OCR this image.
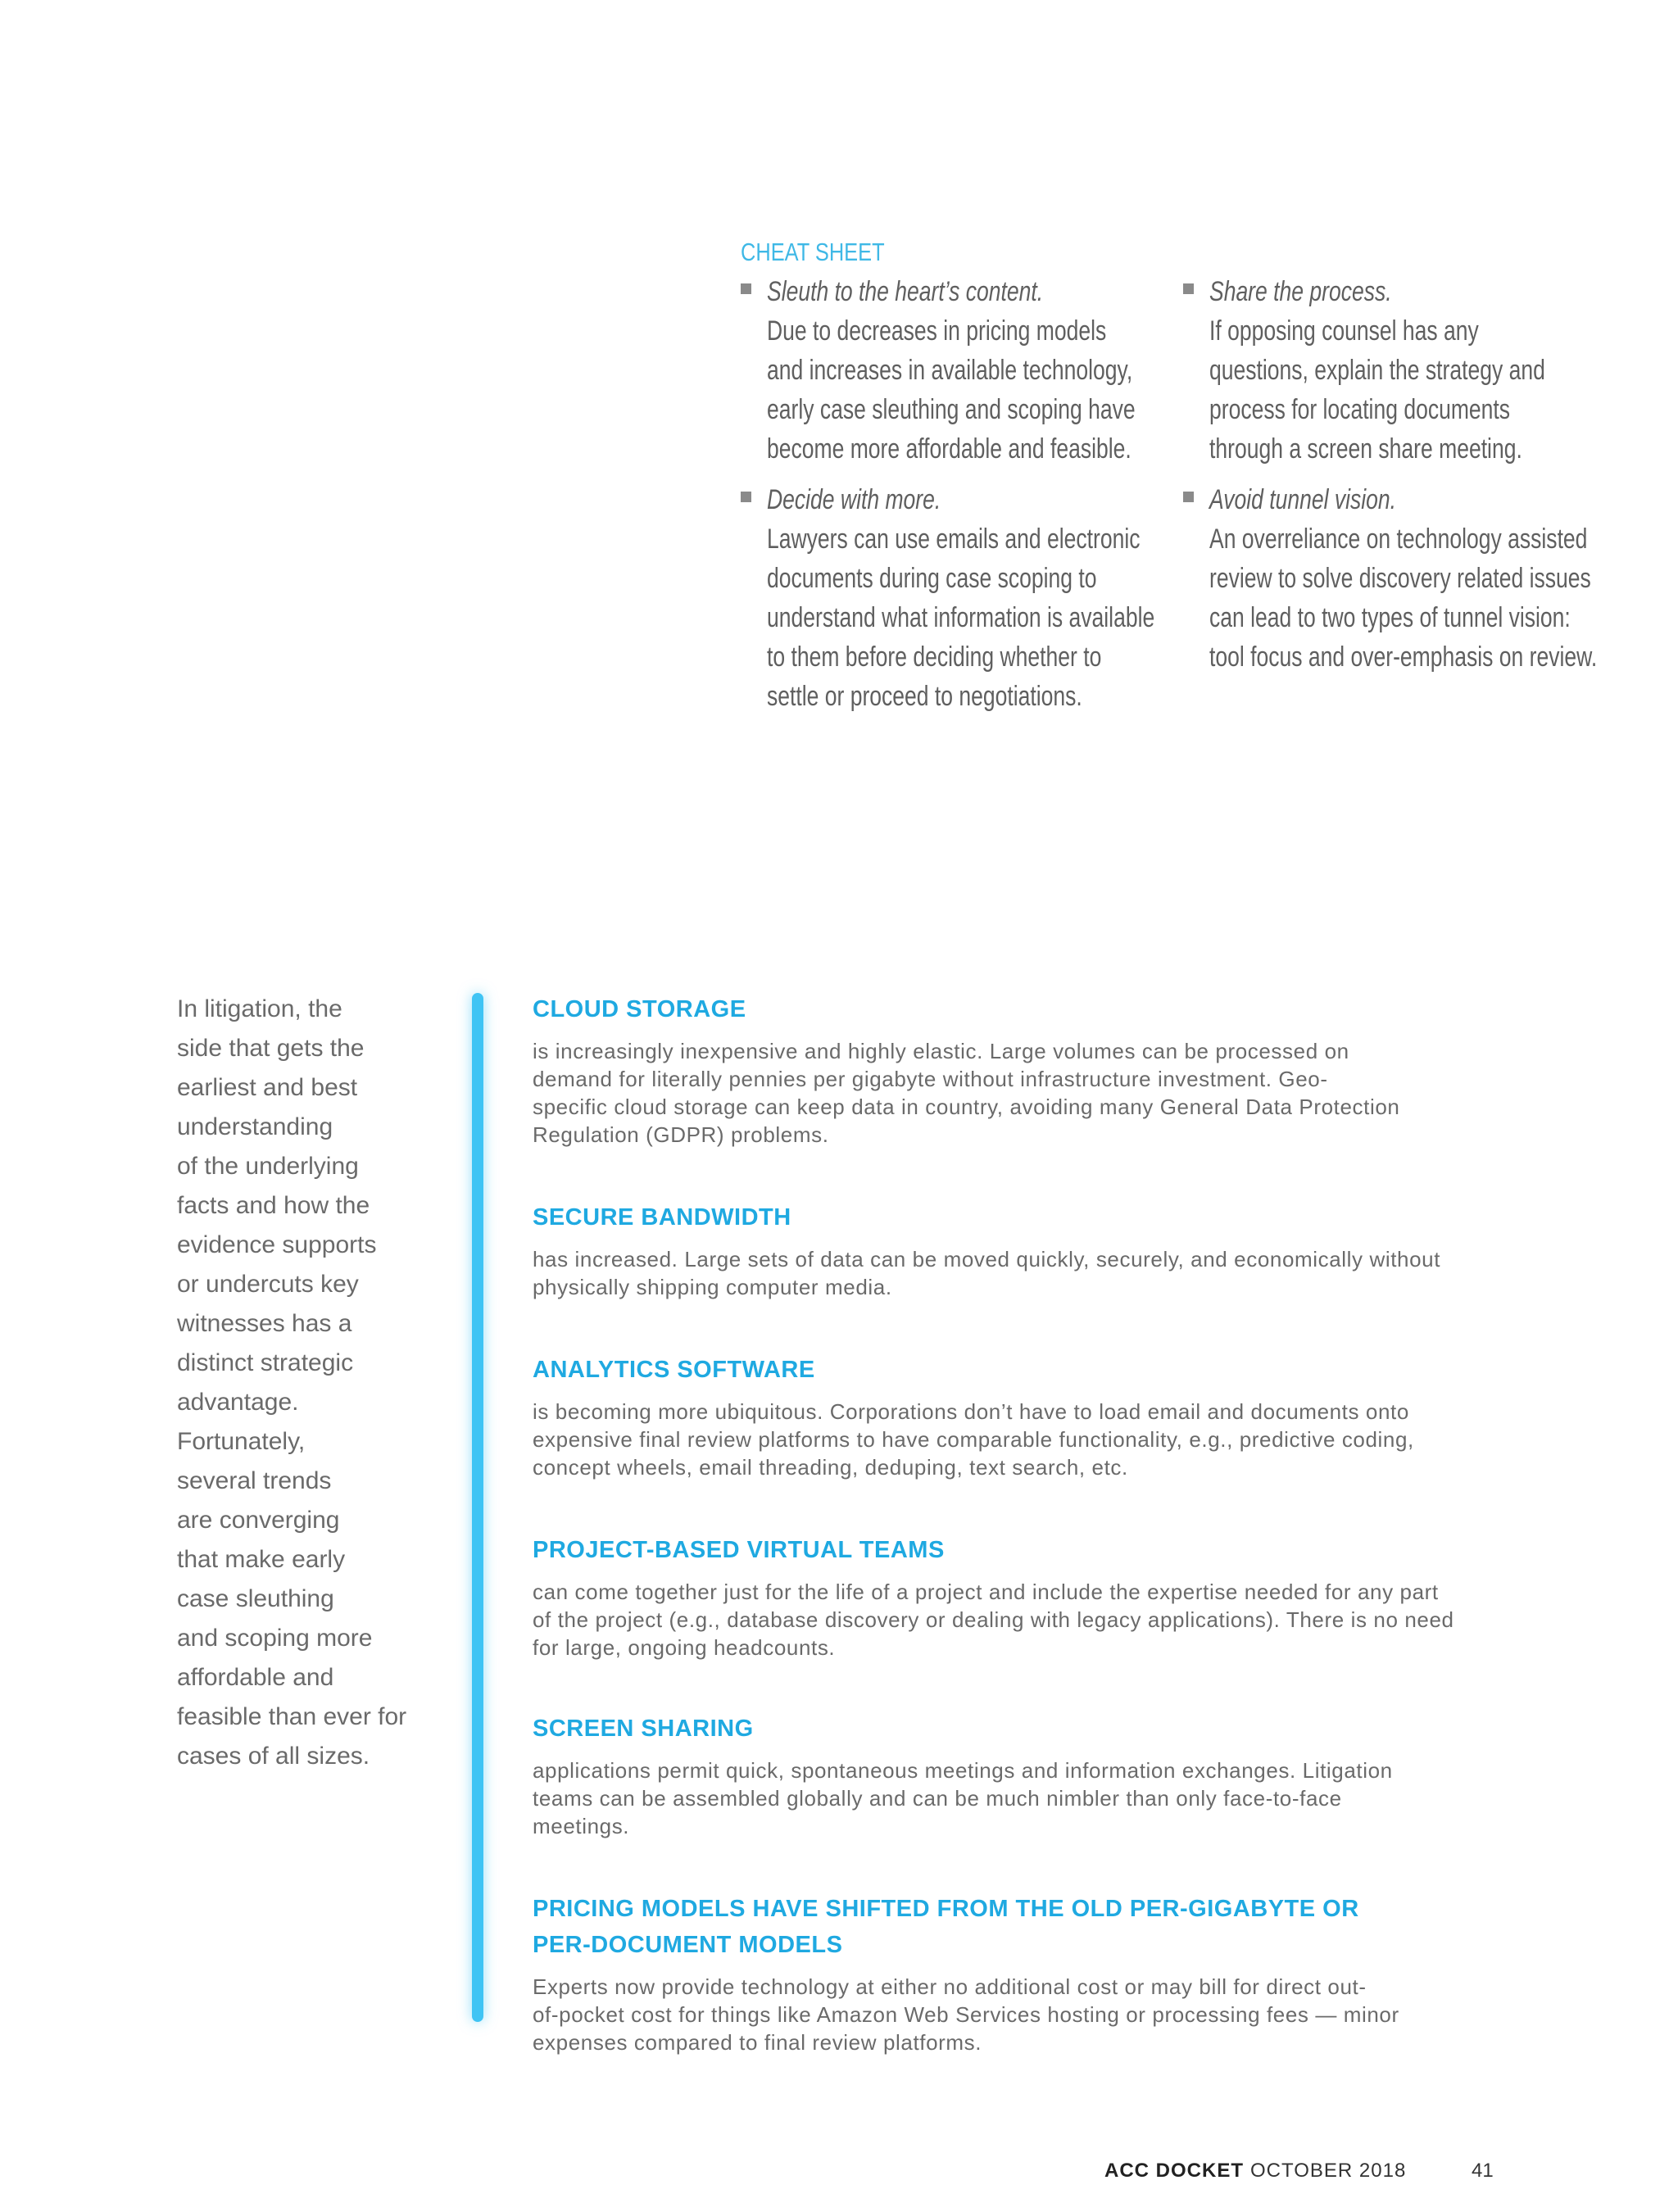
CHEAT SHEET
Sleuth to the heart’s content.
Due to decreases in pricing models
and increases in available technology,
early case sleuthing and scoping have
become more affordable and feasible.
Decide with more.
Lawyers can use emails and electronic
documents during case scoping to
understand what information is available
to them before deciding whether to
settle or proceed to negotiations.
Share the process.
If opposing counsel has any
questions, explain the strategy and
process for locating documents
through a screen share meeting.
Avoid tunnel vision.
An overreliance on technology assisted
review to solve discovery related issues
can lead to two types of tunnel vision:
tool focus and over-emphasis on review.
In litigation, the
side that gets the
earliest and best
understanding
of the underlying
facts and how the
evidence supports
or undercuts key
witnesses has a
distinct strategic
advantage.
Fortunately,
several trends
are converging
that make early
case sleuthing
and scoping more
affordable and
feasible than ever for
cases of all sizes.
CLOUD STORAGE

is increasingly inexpensive and highly elastic. Large volumes can be processed on
demand for literally pennies per gigabyte without infrastructure investment. Geo-
specific cloud storage can keep data in country, avoiding many General Data Protection
Regulation (GDPR) problems.

SECURE BANDWIDTH

has increased. Large sets of data can be moved quickly, securely, and economically without
physically shipping computer media.

ANALYTICS SOFTWARE

is becoming more ubiquitous. Corporations don’t have to load email and documents onto
expensive final review platforms to have comparable functionality, e.g., predictive coding,
concept wheels, email threading, deduping, text search, etc.

PROJECT-BASED VIRTUAL TEAMS

can come together just for the life of a project and include the expertise needed for any part
of the project (e.g., database discovery or dealing with legacy applications). There is no need
for large, ongoing headcounts.

SCREEN SHARING

applications permit quick, spontaneous meetings and information exchanges. Litigation
teams can be assembled globally and can be much nimbler than only face-to-face
meetings.

PRICING MODELS HAVE SHIFTED FROM THE OLD PER-GIGABYTE OR
PER-DOCUMENT MODELS

Experts now provide technology at either no additional cost or may bill for direct out-
of-pocket cost for things like Amazon Web Services hosting or processing fees — minor
expenses compared to final review platforms.

ACC DOCKET OCTOBER 2018	41
